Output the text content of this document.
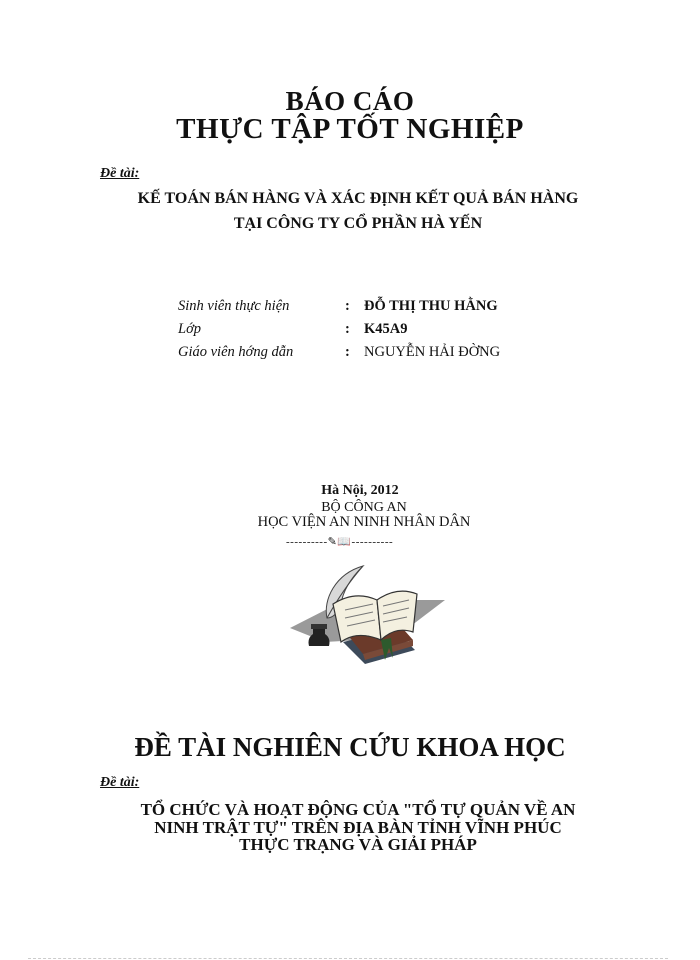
BÁO CÁO
THỰC TẬP TỐT NGHIỆP
Đề tài:
KẾ TOÁN BÁN HÀNG VÀ XÁC ĐỊNH KẾT QUẢ BÁN HÀNG
TẠI CÔNG TY CỔ PHẦN HÀ YẾN
Sinh viên thực hiện	: ĐỖ THỊ THU HẰNG
Lớp	: K45A9
Giáo viên hớng dẫn	: NGUYỄN HẢI ĐỜNG
Hà Nội, 2012
BỘ CÔNG AN
HỌC VIỆN AN NINH NHÂN DÂN
----------✎📖----------
ĐỀ TÀI NGHIÊN CỨU KHOA HỌC
Đề tài:
TỔ CHỨC VÀ HOẠT ĐỘNG CỦA "TỔ TỰ QUẢN VỀ AN
NINH TRẬT TỰ" TRÊN ĐỊA BÀN TỈNH VĨNH PHÚC
THỰC TRẠNG VÀ GIẢI PHÁP
